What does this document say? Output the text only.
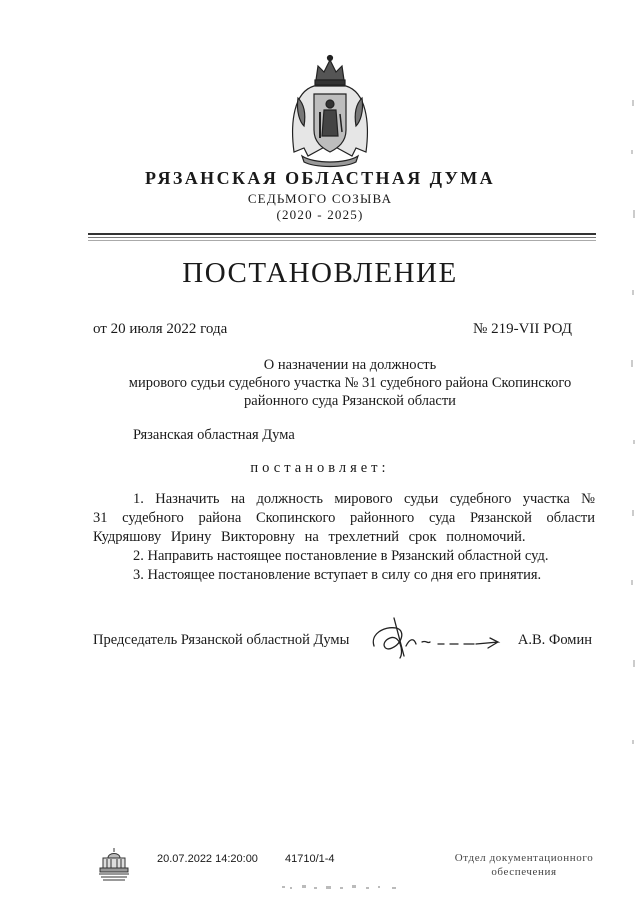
РЯЗАНСКАЯ ОБЛАСТНАЯ ДУМА
СЕДЬМОГО СОЗЫВА
(2020 - 2025)
ПОСТАНОВЛЕНИЕ
от 20 июля 2022 года	№ 219-VII РОД
О назначении на должность
мирового судьи судебного участка № 31 судебного района Скопинского
районного суда Рязанской области
Рязанская областная Дума
постановляет:

1. Назначить на должность мирового судьи судебного участка № 31 судебного района Скопинского районного суда Рязанской области Кудряшову Ирину Викторовну на трехлетний срок полномочий.

2. Направить настоящее постановление в Рязанский областной суд.

3. Настоящее постановление вступает в силу со дня его принятия.

Председатель Рязанской областной Думы	А.В. Фомин
20.07.2022 14:20:00 41710/1-4	Отдел документационного
обеспечения
